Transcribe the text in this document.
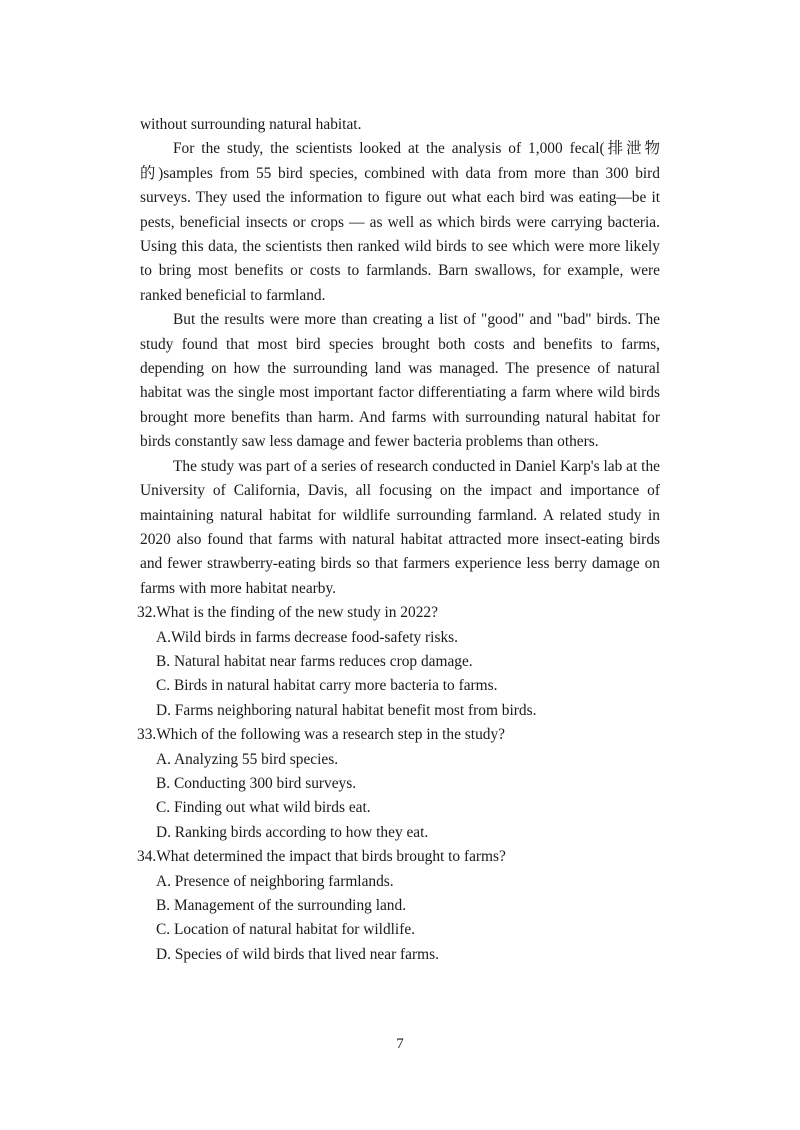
without surrounding natural habitat.

For the study, the scientists looked at the analysis of 1,000 fecal(排泄物的)samples from 55 bird species, combined with data from more than 300 bird surveys. They used the information to figure out what each bird was eating—be it pests, beneficial insects or crops — as well as which birds were carrying bacteria. Using this data, the scientists then ranked wild birds to see which were more likely to bring most benefits or costs to farmlands. Barn swallows, for example, were ranked beneficial to farmland.

But the results were more than creating a list of "good" and "bad" birds. The study found that most bird species brought both costs and benefits to farms, depending on how the surrounding land was managed. The presence of natural habitat was the single most important factor differentiating a farm where wild birds brought more benefits than harm. And farms with surrounding natural habitat for birds constantly saw less damage and fewer bacteria problems than others.

The study was part of a series of research conducted in Daniel Karp's lab at the University of California, Davis, all focusing on the impact and importance of maintaining natural habitat for wildlife surrounding farmland. A related study in 2020 also found that farms with natural habitat attracted more insect-eating birds and fewer strawberry-eating birds so that farmers experience less berry damage on farms with more habitat nearby.

32.What is the finding of the new study in 2022?

A.Wild birds in farms decrease food-safety risks.

B. Natural habitat near farms reduces crop damage.

C. Birds in natural habitat carry more bacteria to farms.

D. Farms neighboring natural habitat benefit most from birds.

33.Which of the following was a research step in the study?

A. Analyzing 55 bird species.

B. Conducting 300 bird surveys.

C. Finding out what wild birds eat.

D. Ranking birds according to how they eat.

34.What determined the impact that birds brought to farms?

A. Presence of neighboring farmlands.

B. Management of the surrounding land.

C. Location of natural habitat for wildlife.

D. Species of wild birds that lived near farms.

7
